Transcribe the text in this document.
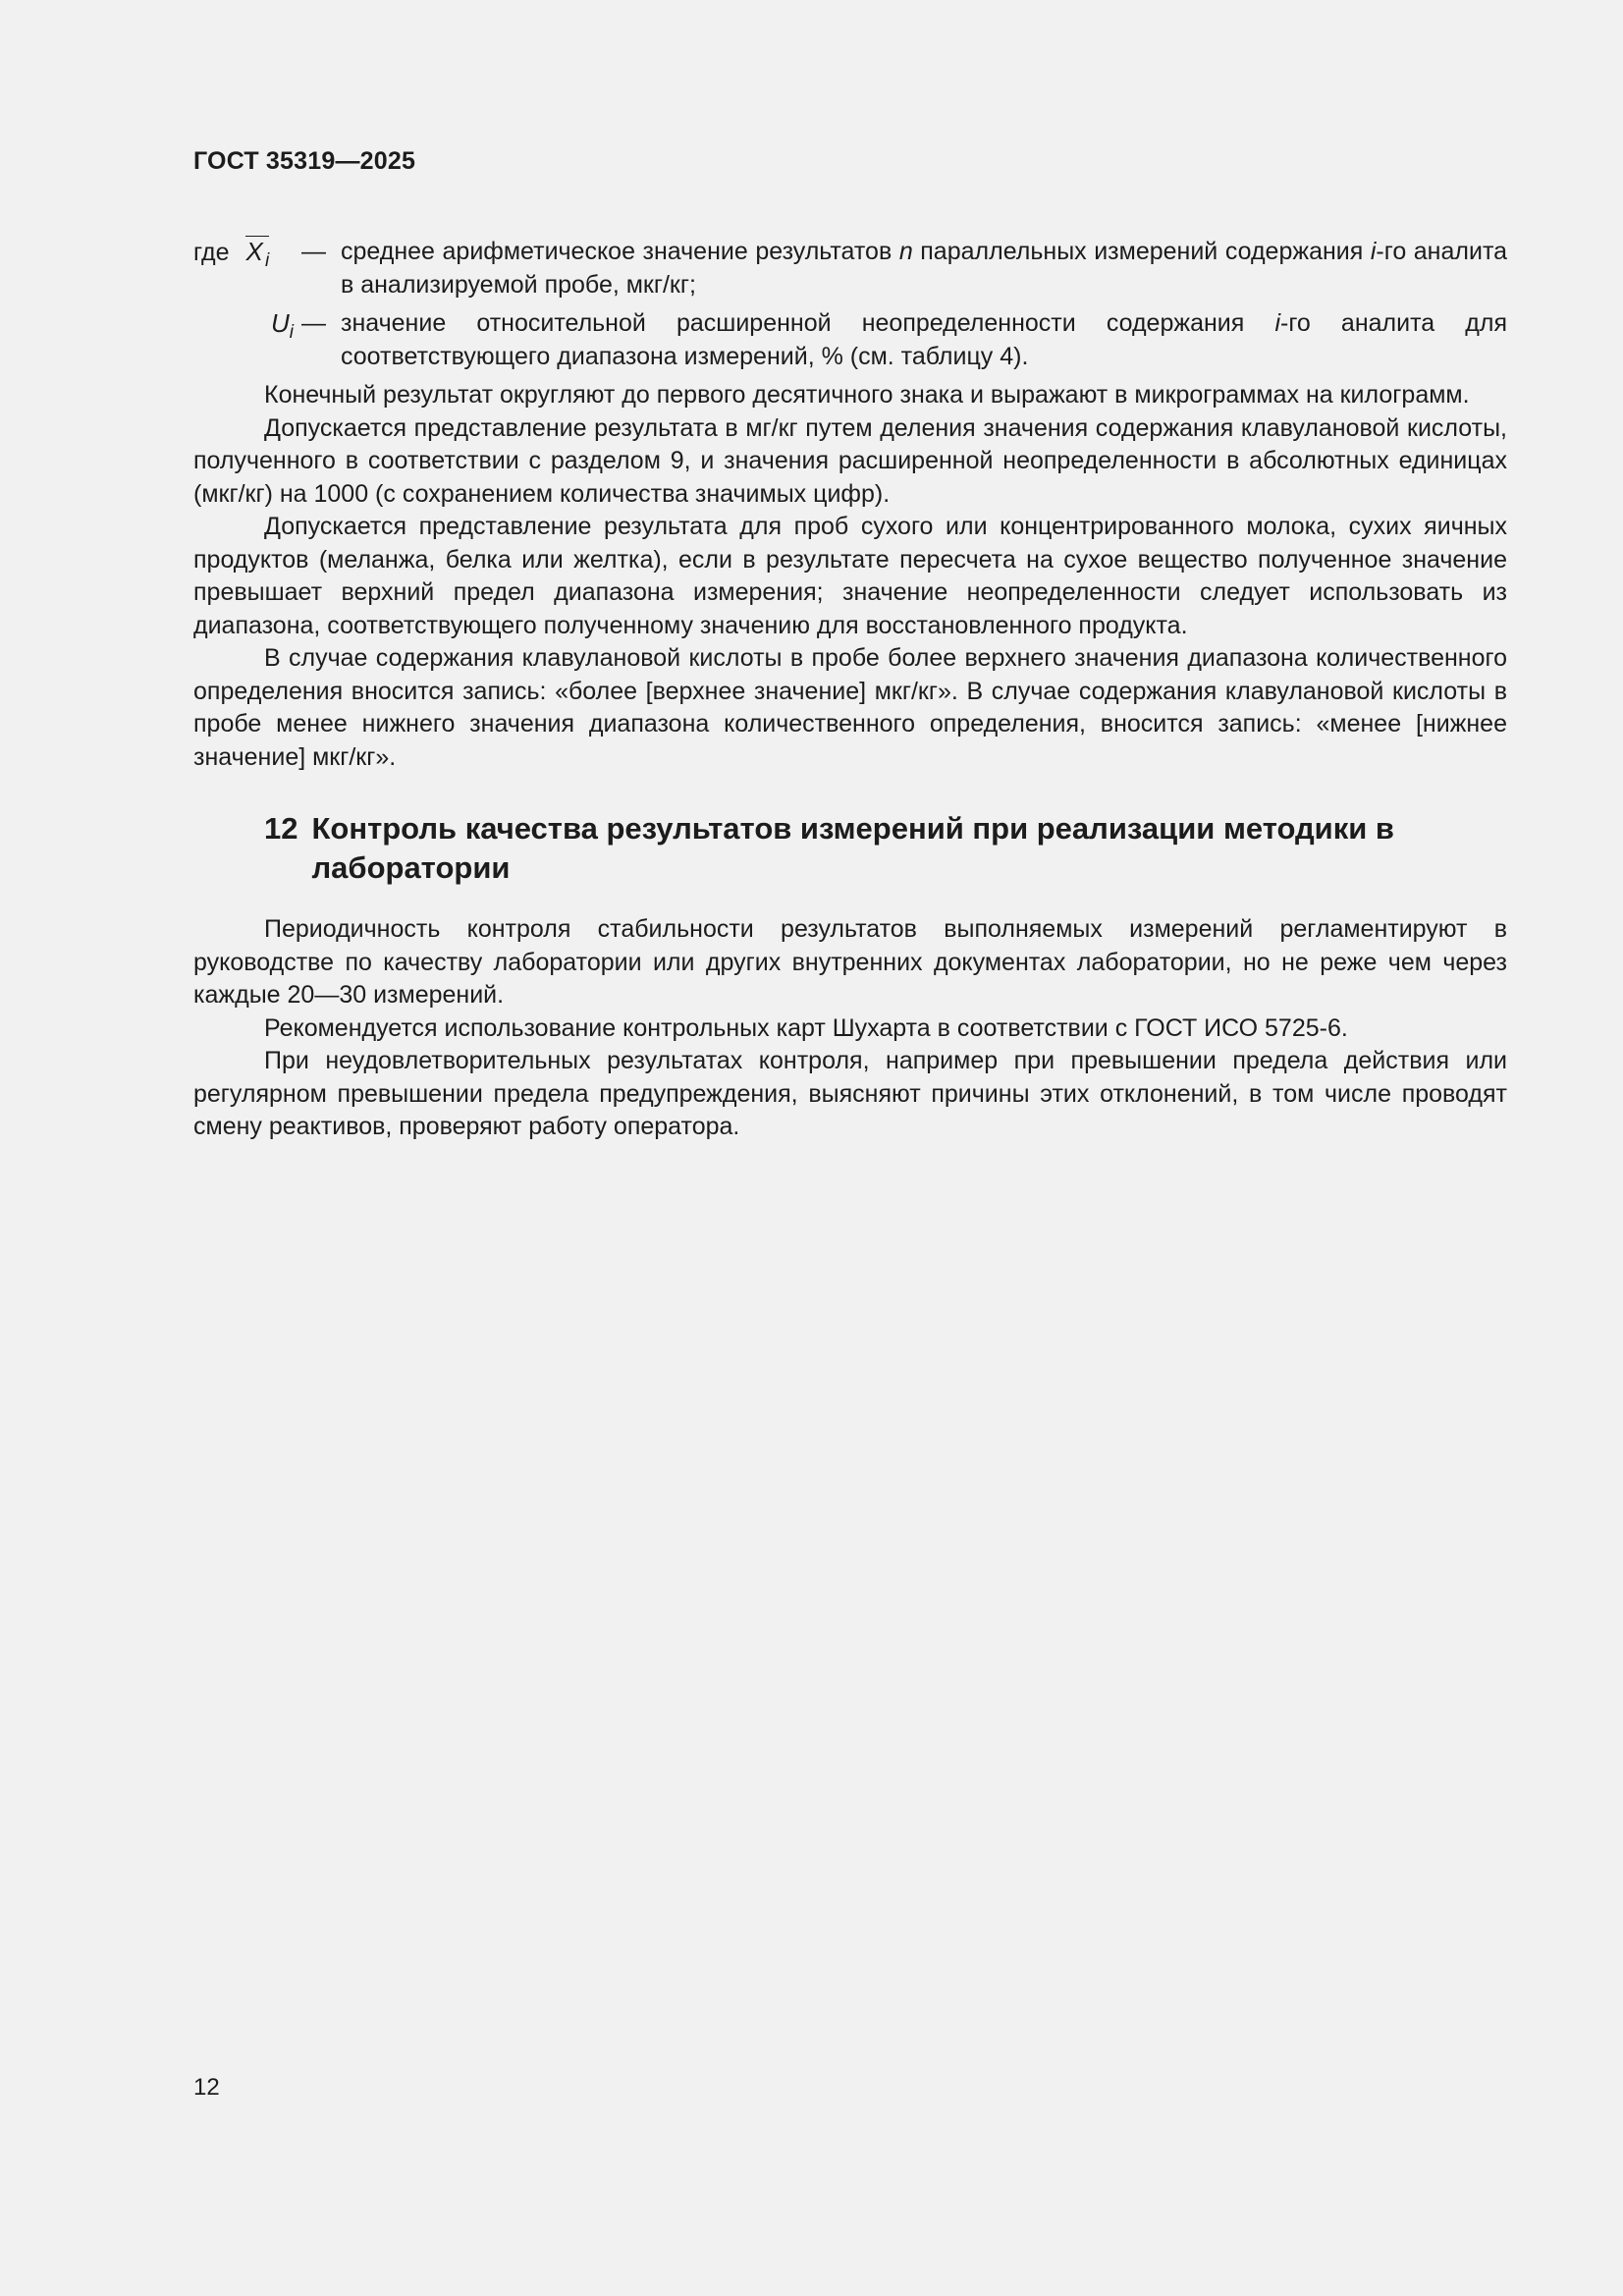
ГОСТ 35319—2025
где X  $_i$	— среднее арифметическое значение результатов n параллельных измерений содержания i-го аналита в анализируемой пробе, мкг/кг;
$U_i$ — значение относительной расширенной неопределенности содержания i-го аналита для соответствующего диапазона измерений, % (см. таблицу 4).

Конечный результат округляют до первого десятичного знака и выражают в микрограммах на килограмм.

Допускается представление результата в мг/кг путем деления значения содержания клавулановой кислоты, полученного в соответствии с разделом 9, и значения расширенной неопределенности в абсолютных единицах (мкг/кг) на 1000 (с сохранением количества значимых цифр).

Допускается представление результата для проб сухого или концентрированного молока, сухих яичных продуктов (меланжа, белка или желтка), если в результате пересчета на сухое вещество полученное значение превышает верхний предел диапазона измерения; значение неопределенности следует использовать из диапазона, соответствующего полученному значению для восстановленного продукта.

В случае содержания клавулановой кислоты в пробе более верхнего значения диапазона количественного определения вносится запись: «более [верхнее значение] мкг/кг». В случае содержания клавулановой кислоты в пробе менее нижнего значения диапазона количественного определения, вносится запись: «менее [нижнее значение] мкг/кг».

12 Контроль качества результатов измерений при реализации методики в лаборатории

Периодичность контроля стабильности результатов выполняемых измерений регламентируют в руководстве по качеству лаборатории или других внутренних документах лаборатории, но не реже чем через каждые 20—30 измерений.

Рекомендуется использование контрольных карт Шухарта в соответствии с ГОСТ ИСО 5725-6.

При неудовлетворительных результатах контроля, например при превышении предела действия или регулярном превышении предела предупреждения, выясняют причины этих отклонений, в том числе проводят смену реактивов, проверяют работу оператора.

12
